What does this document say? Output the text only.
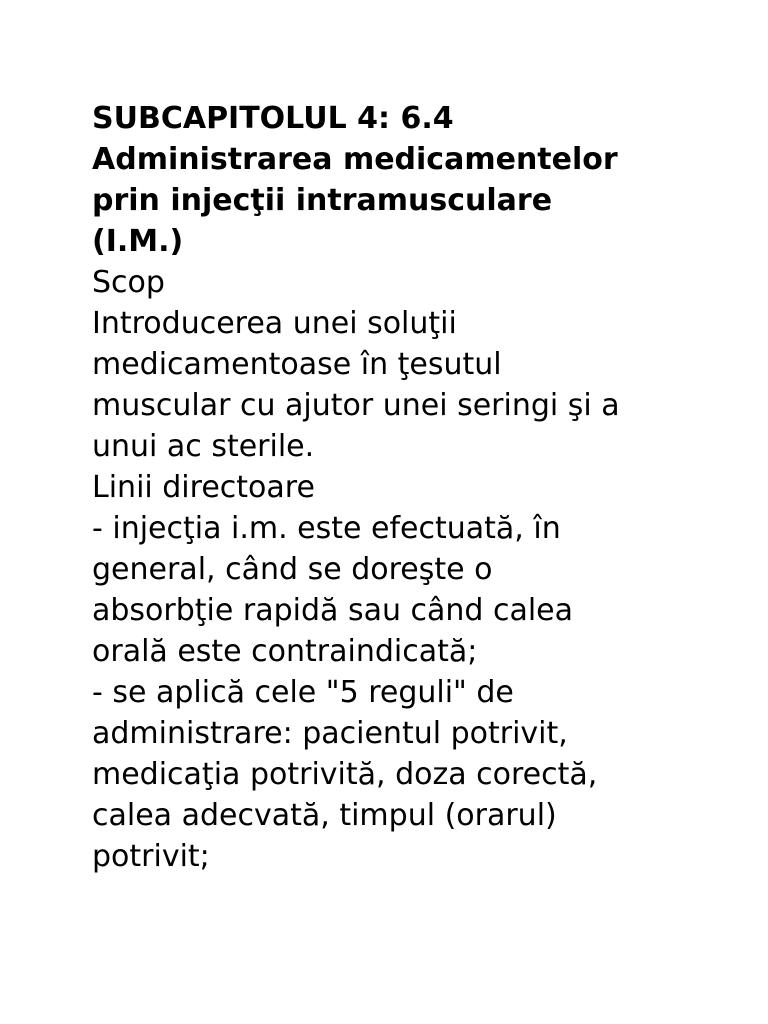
SUBCAPITOLUL 4: 6.4
Administrarea medicamentelor
prin injecţii intramusculare
(I.M.)
Scop
Introducerea unei soluţii
medicamentoase în ţesutul
muscular cu ajutor unei seringi şi a
unui ac sterile.
Linii directoare
- injecţia i.m. este efectuată, în
general, când se doreşte o
absorbţie rapidă sau când calea
orală este contraindicată;
- se aplică cele "5 reguli" de
administrare: pacientul potrivit,
medicaţia potrivită, doza corectă,
calea adecvată, timpul (orarul)
potrivit;
